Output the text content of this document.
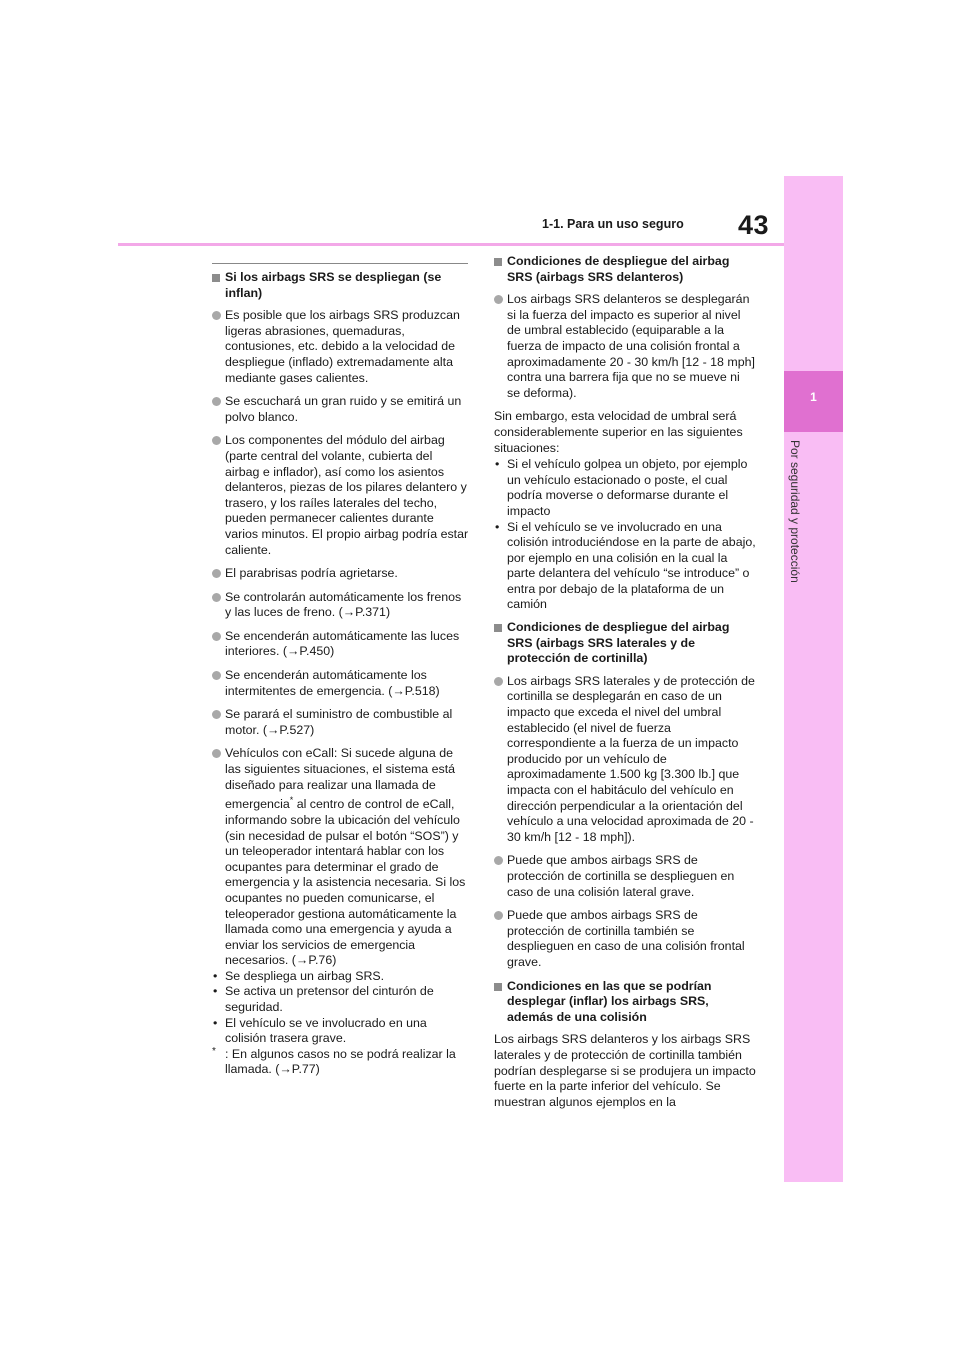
1-1. Para un uso seguro 43
1
Por seguridad y protección
Si los airbags SRS se despliegan (se inflan)
Es posible que los airbags SRS produzcan ligeras abrasiones, quemaduras, contusiones, etc. debido a la velocidad de despliegue (inflado) extremadamente alta mediante gases calientes.
Se escuchará un gran ruido y se emitirá un polvo blanco.
Los componentes del módulo del airbag (parte central del volante, cubierta del airbag e inflador), así como los asientos delanteros, piezas de los pilares delantero y trasero, y los raíles laterales del techo, pueden permanecer calientes durante varios minutos. El propio airbag podría estar caliente.
El parabrisas podría agrietarse.
Se controlarán automáticamente los frenos y las luces de freno. (→P.371)
Se encenderán automáticamente las luces interiores. (→P.450)
Se encenderán automáticamente los intermitentes de emergencia. (→P.518)
Se parará el suministro de combustible al motor. (→P.527)
Vehículos con eCall: Si sucede alguna de las siguientes situaciones, el sistema está diseñado para realizar una llamada de emergencia* al centro de control de eCall, informando sobre la ubicación del vehículo (sin necesidad de pulsar el botón “SOS”) y un teleoperador intentará hablar con los ocupantes para determinar el grado de emergencia y la asistencia necesaria. Si los ocupantes no pueden comunicarse, el teleoperador gestiona automáticamente la llamada como una emergencia y ayuda a enviar los servicios de emergencia necesarios. (→P.76)
• Se despliega un airbag SRS.
• Se activa un pretensor del cinturón de seguridad.
• El vehículo se ve involucrado en una colisión trasera grave.
* : En algunos casos no se podrá realizar la llamada. (→P.77)
Condiciones de despliegue del airbag SRS (airbags SRS delanteros)
Los airbags SRS delanteros se desplegarán si la fuerza del impacto es superior al nivel de umbral establecido (equiparable a la fuerza de impacto de una colisión frontal a aproximadamente 20 - 30 km/h [12 - 18 mph] contra una barrera fija que no se mueve ni se deforma).
Sin embargo, esta velocidad de umbral será considerablemente superior en las siguientes situaciones:
• Si el vehículo golpea un objeto, por ejemplo un vehículo estacionado o poste, el cual podría moverse o deformarse durante el impacto
• Si el vehículo se ve involucrado en una colisión introduciéndose en la parte de abajo, por ejemplo en una colisión en la cual la parte delantera del vehículo “se introduce” o entra por debajo de la plataforma de un camión
Condiciones de despliegue del airbag SRS (airbags SRS laterales y de protección de cortinilla)
Los airbags SRS laterales y de protección de cortinilla se desplegarán en caso de un impacto que exceda el nivel del umbral establecido (el nivel de fuerza correspondiente a la fuerza de un impacto producido por un vehículo de aproximadamente 1.500 kg [3.300 lb.] que impacta con el habitáculo del vehículo en dirección perpendicular a la orientación del vehículo a una velocidad aproximada de 20 - 30 km/h [12 - 18 mph]).
Puede que ambos airbags SRS de protección de cortinilla se desplieguen en caso de una colisión lateral grave.
Puede que ambos airbags SRS de protección de cortinilla también se desplieguen en caso de una colisión frontal grave.
Condiciones en las que se podrían desplegar (inflar) los airbags SRS, además de una colisión
Los airbags SRS delanteros y los airbags SRS laterales y de protección de cortinilla también podrían desplegarse si se produjera un impacto fuerte en la parte inferior del vehículo. Se muestran algunos ejemplos en la
